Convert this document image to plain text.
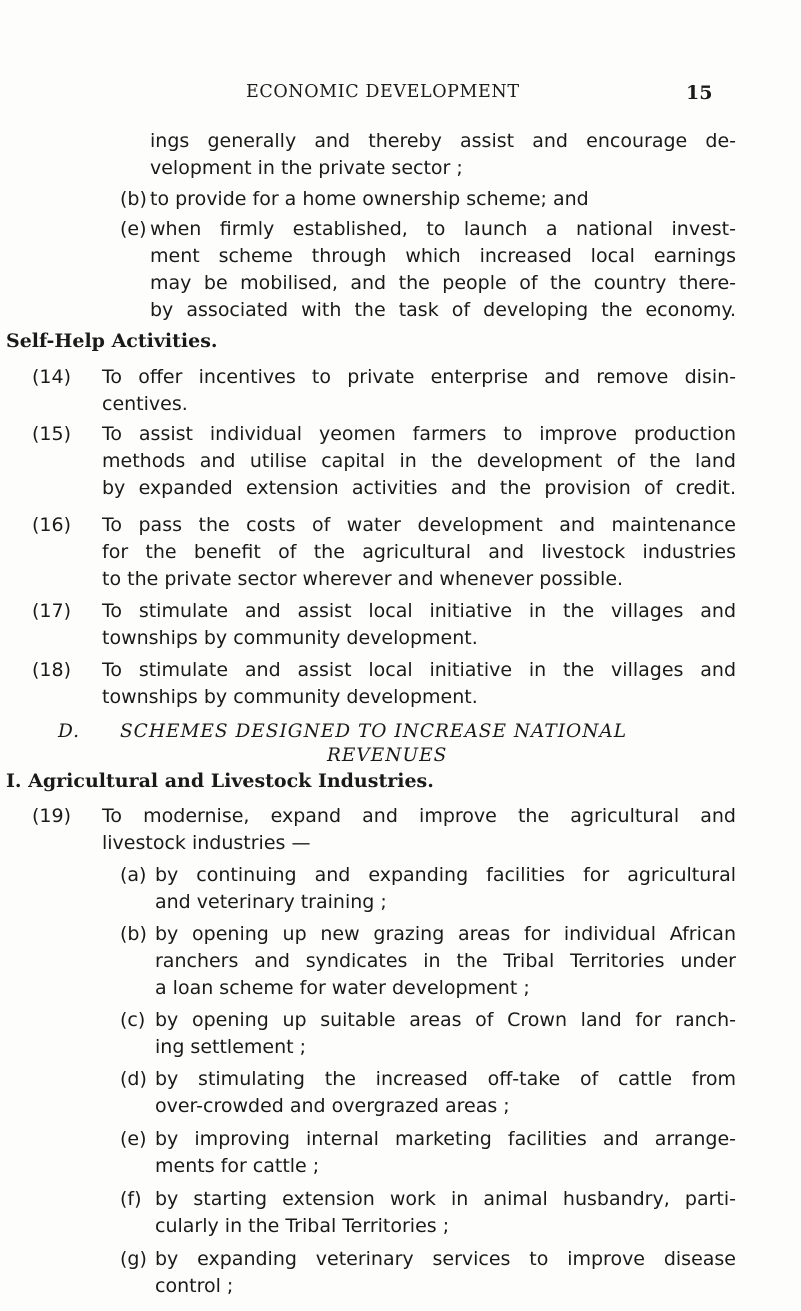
ECONOMIC DEVELOPMENT	15
ings generally and thereby assist and encourage de-
velopment in the private sector ;
(b) to provide for a home ownership scheme; and
(e) when firmly established, to launch a national invest-
ment scheme through which increased local earnings
may be mobilised, and the people of the country there-
by associated with the task of developing the economy.
Self-Help Activities.
(14) To offer incentives to private enterprise and remove disin-
centives.
(15) To assist individual yeomen farmers to improve production
methods and utilise capital in the development of the land
by expanded extension activities and the provision of credit.
(16) To pass the costs of water development and maintenance
for the benefit of the agricultural and livestock industries
to the private sector wherever and whenever possible.
(17) To stimulate and assist local initiative in the villages and
townships by community development.
(18) To stimulate and assist local initiative in the villages and
townships by community development.
D. SCHEMES DESIGNED TO INCREASE NATIONAL
REVENUES
I. Agricultural and Livestock Industries.
(19) To modernise, expand and improve the agricultural and
livestock industries —
(a) by continuing and expanding facilities for agricultural
and veterinary training ;
(b) by opening up new grazing areas for individual African
ranchers and syndicates in the Tribal Territories under
a loan scheme for water development ;
(c) by opening up suitable areas of Crown land for ranch-
ing settlement ;
(d) by stimulating the increased off-take of cattle from
over-crowded and overgrazed areas ;
(e) by improving internal marketing facilities and arrange-
ments for cattle ;
(f) by starting extension work in animal husbandry, parti-
cularly in the Tribal Territories ;
(g) by expanding veterinary services to improve disease
control ;
